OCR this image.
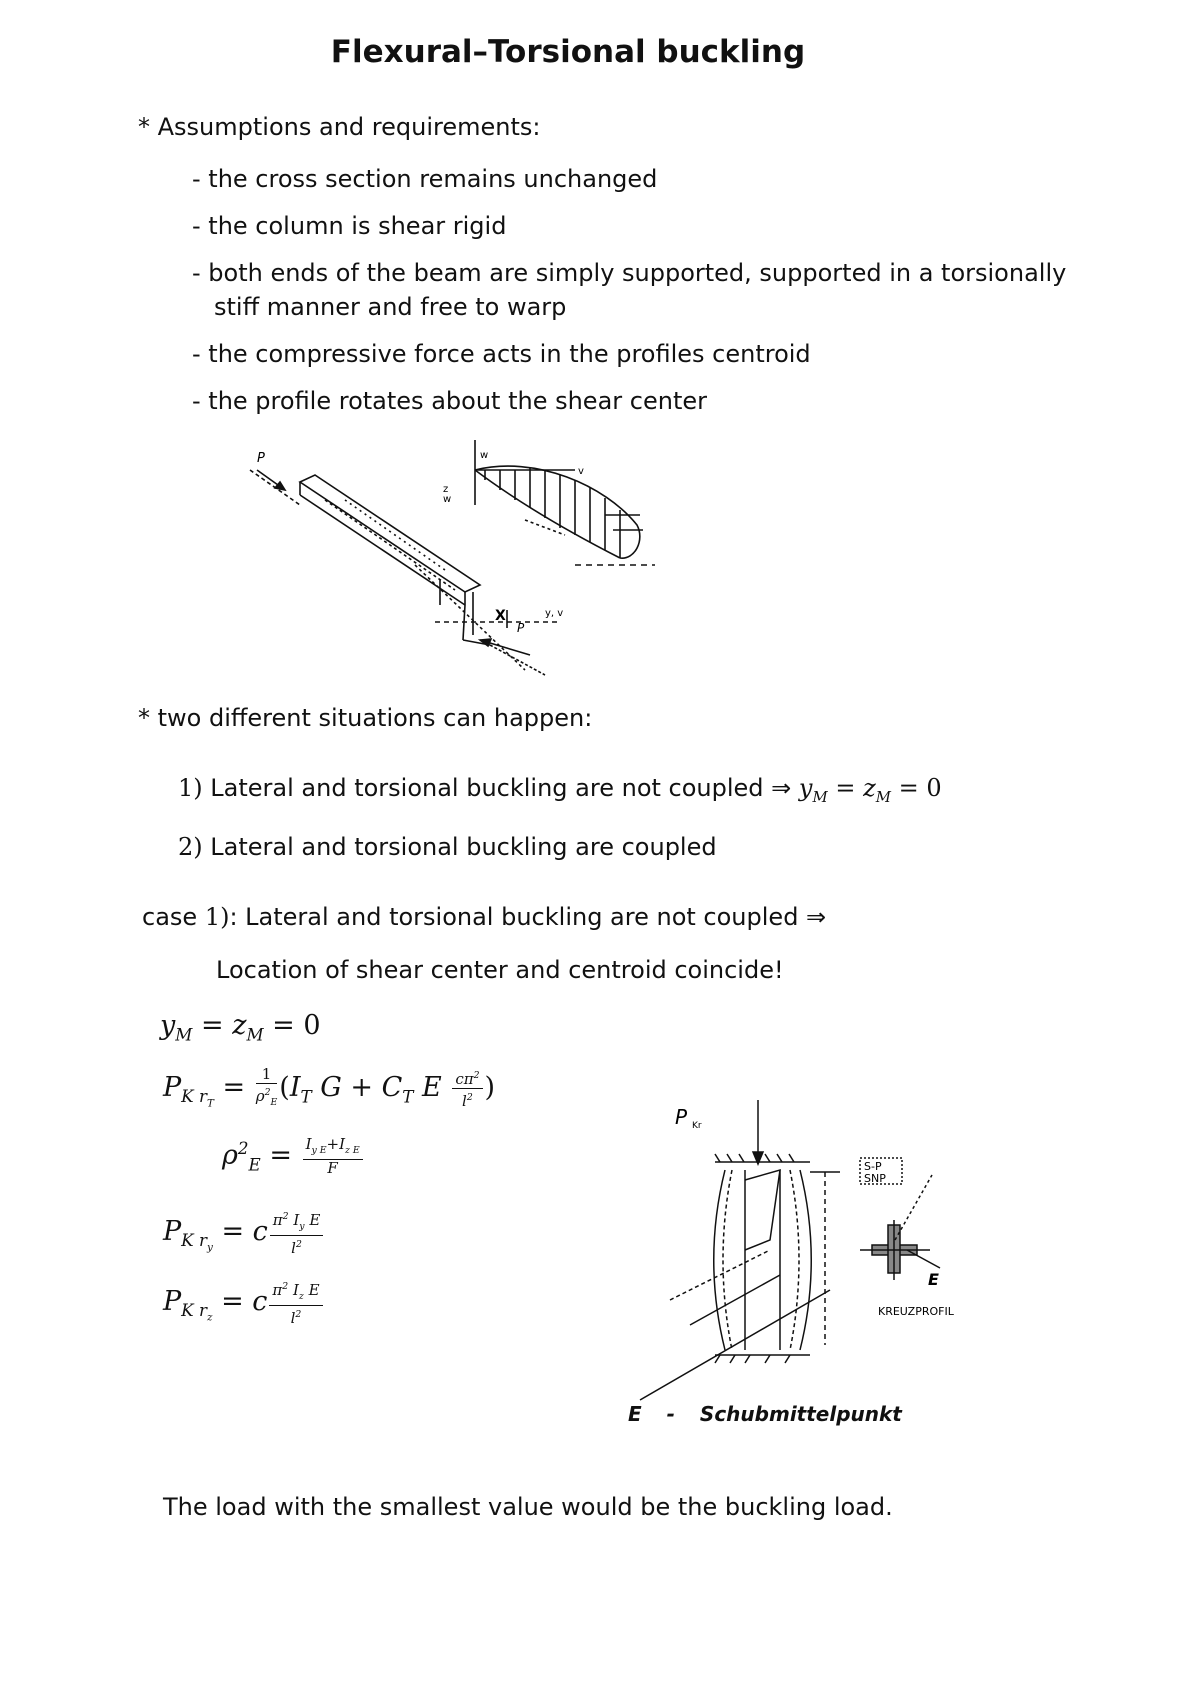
Flexural–Torsional buckling
* Assumptions and requirements:
- the cross section remains unchanged
- the column is shear rigid
- both ends of the beam are simply supported, supported in a torsionally
stiff manner and free to warp
- the compressive force acts in the profiles centroid
- the profile rotates about the shear center
P	w
v
z
w
X	y, v
P
* two different situations can happen:
1) Lateral and torsional buckling are not coupled ⇒ $y_M = z_M = 0$
2) Lateral and torsional buckling are coupled
case 1): Lateral and torsional buckling are not coupled ⇒
Location of shear center and centroid coincide!
$y_M = z_M = 0$
$P_{K r_T} = \frac{1}{\rho^2_E} (I_T$ $G + C_T$ E $\frac{c\pi^2}{l^2}$ )
$\rho^2_E = \frac{I_{y E}+I_{z E}}{F}$
$P_{K r_y} = c \frac{\pi^2 I_y E}{l^2}$
$P_{K r_z} = c \frac{\pi^2 I_z E}{l^2}$
P Kr
S-P
SNP
E
KREUZPROFIL
E - Schubmittelpunkt
The load with the smallest value would be the buckling load.
